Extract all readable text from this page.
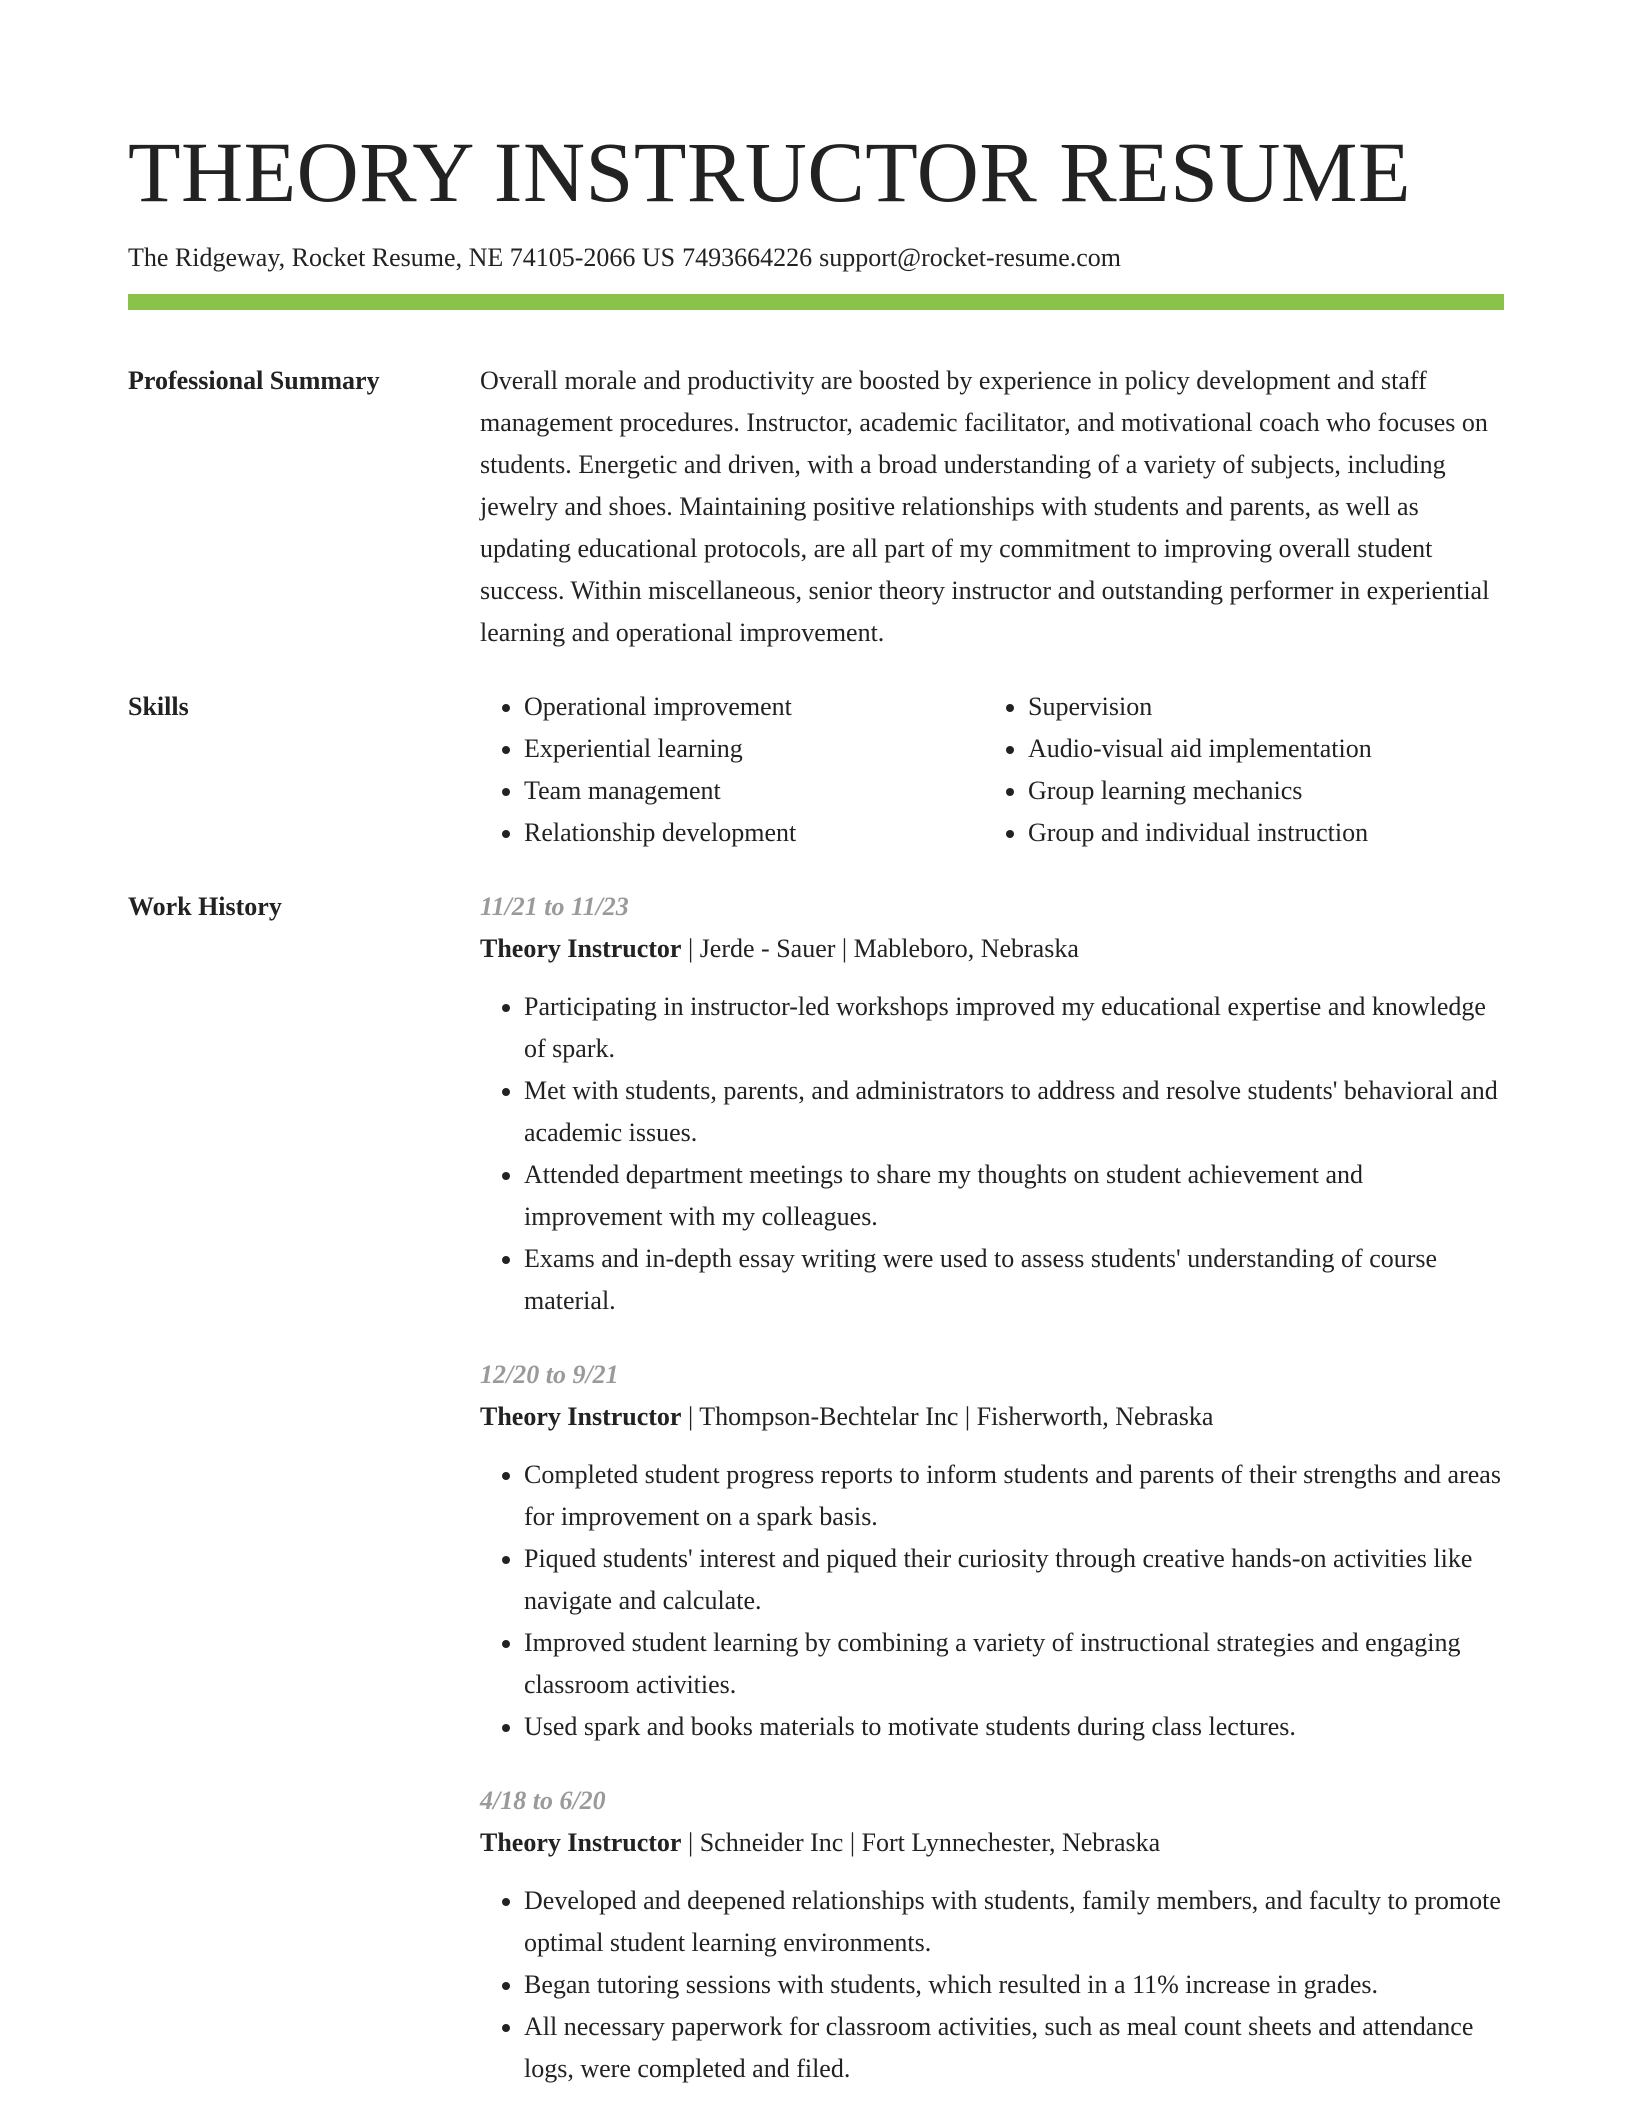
THEORY INSTRUCTOR RESUME
The Ridgeway, Rocket Resume, NE 74105-2066 US 7493664226 support@rocket-resume.com
Professional Summary	Overall morale and productivity are boosted by experience in policy development and staff management procedures. Instructor, academic facilitator, and motivational coach who focuses on students. Energetic and driven, with a broad understanding of a variety of subjects, including jewelry and shoes. Maintaining positive relationships with students and parents, as well as updating educational protocols, are all part of my commitment to improving overall student success. Within miscellaneous, senior theory instructor and outstanding performer in experiential learning and operational improvement.
Skills
•	Operational improvement
• Experiential learning
• Team management
• Relationship development
• Supervision
• Audio-visual aid implementation
• Group learning mechanics
• Group and individual instruction
Work History	11/21 to 11/23
Theory Instructor | Jerde - Sauer | Mableboro, Nebraska
• Participating in instructor-led workshops improved my educational expertise and knowledge of spark.
• Met with students, parents, and administrators to address and resolve students' behavioral and academic issues.
• Attended department meetings to share my thoughts on student achievement and improvement with my colleagues.
• Exams and in-depth essay writing were used to assess students' understanding of course material.
12/20 to 9/21
Theory Instructor | Thompson-Bechtelar Inc | Fisherworth, Nebraska
• Completed student progress reports to inform students and parents of their strengths and areas for improvement on a spark basis.
• Piqued students' interest and piqued their curiosity through creative hands-on activities like navigate and calculate.
• Improved student learning by combining a variety of instructional strategies and engaging classroom activities.
• Used spark and books materials to motivate students during class lectures.
4/18 to 6/20
Theory Instructor | Schneider Inc | Fort Lynnechester, Nebraska
• Developed and deepened relationships with students, family members, and faculty to promote optimal student learning environments.
• Began tutoring sessions with students, which resulted in a 11% increase in grades.
• All necessary paperwork for classroom activities, such as meal count sheets and attendance logs, were completed and filed.
